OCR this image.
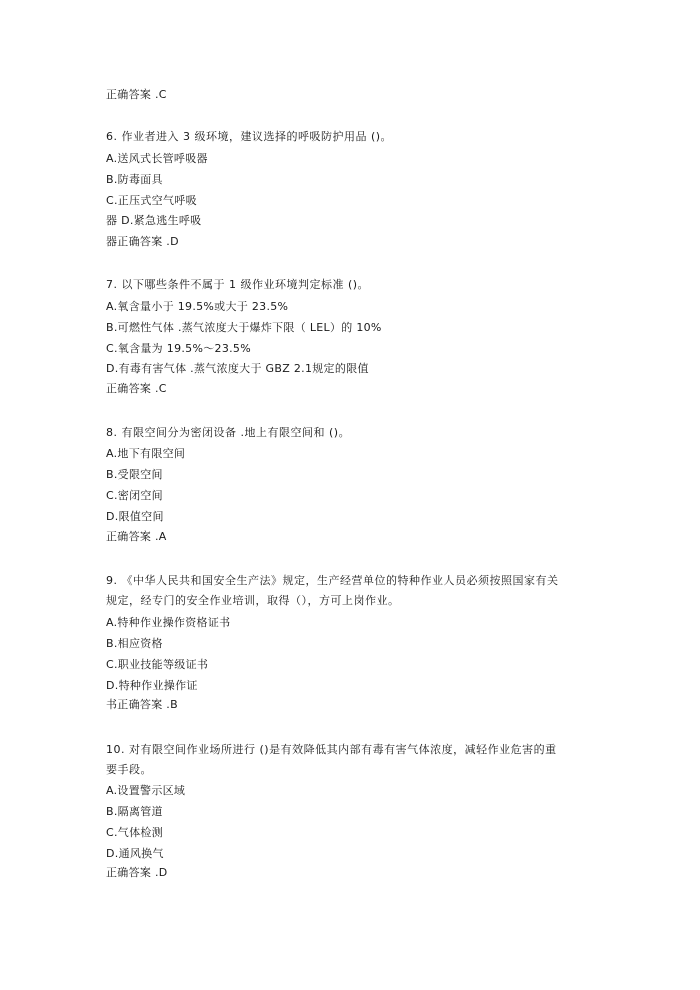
正确答案 .C
6. 作业者进入 3 级环境，建议选择的呼吸防护用品 ()。
A.送风式长管呼吸器
B.防毒面具
C.正压式空气呼吸
器 D.紧急逃生呼吸
器正确答案 .D
7. 以下哪些条件不属于 1 级作业环境判定标准 ()。
A.氧含量小于 19.5%或大于 23.5%
B.可燃性气体 .蒸气浓度大于爆炸下限（ LEL）的 10%
C.氧含量为 19.5%～23.5%
D.有毒有害气体 .蒸气浓度大于 GBZ 2.1规定的限值
正确答案 .C
8. 有限空间分为密闭设备 .地上有限空间和 ()。
A.地下有限空间
B.受限空间
C.密闭空间
D.限值空间
正确答案 .A
9. 《中华人民共和国安全生产法》规定，生产经营单位的特种作业人员必须按照国家有关
规定，经专门的安全作业培训，取得（），方可上岗作业。
A.特种作业操作资格证书
B.相应资格
C.职业技能等级证书
D.特种作业操作证
书正确答案 .B
10. 对有限空间作业场所进行 ()是有效降低其内部有毒有害气体浓度，减轻作业危害的重
要手段。
A.设置警示区域
B.隔离管道
C.气体检测
D.通风换气
正确答案 .D
